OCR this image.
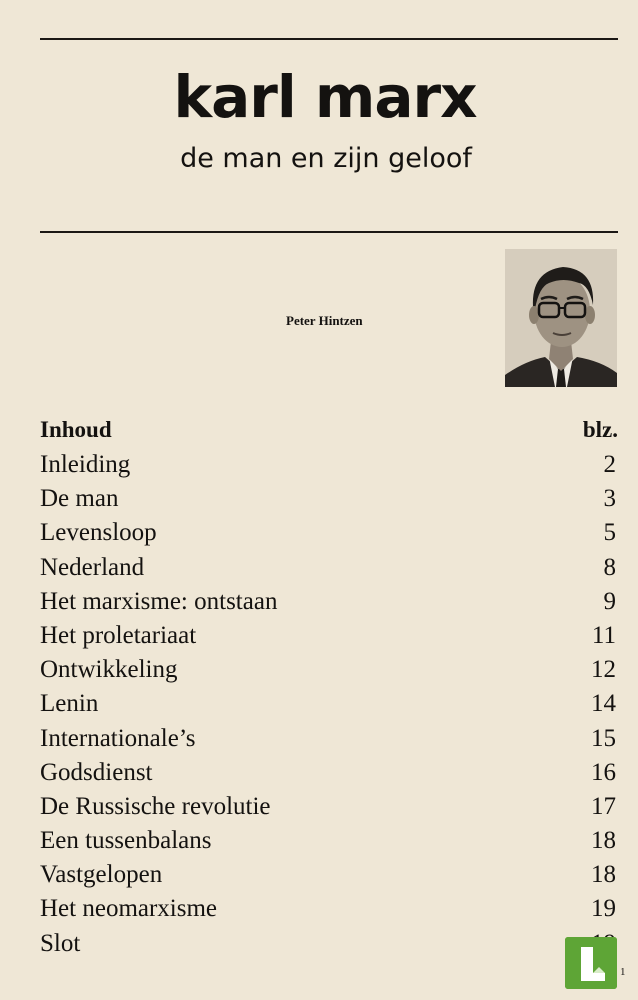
karl marx
de man en zijn geloof
Peter Hintzen
Inhoud	blz.
Inleiding	2
De man	3
Levensloop	5
Nederland	8
Het marxisme: ontstaan	9
Het proletariaat	11
Ontwikkeling	12
Lenin	14
Internationale’s	15
Godsdienst	16
De Russische revolutie	17
Een tussenbalans	18
Vastgelopen	18
Het neomarxisme	19
Slot
1
